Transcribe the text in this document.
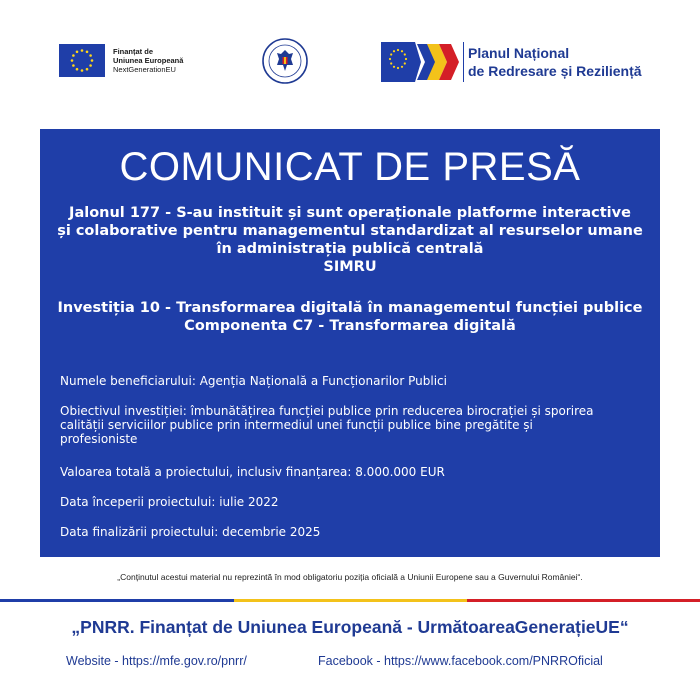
Finanțat de
Uniunea Europeană
NextGenerationEU
Planul Național
de Redresare și Reziliență
COMUNICAT DE PRESĂ
Jalonul 177 - S-au instituit și sunt operaționale platforme interactive
și colaborative pentru managementul standardizat al resurselor umane
în administrația publică centrală
SIMRU
Investiția 10 - Transformarea digitală în managementul funcției publice
Componenta C7 - Transformarea digitală

Numele beneficiarului: Agenția Națională a Funcționarilor Publici

Obiectivul investiției: îmbunătățirea funcției publice prin reducerea birocrației și sporirea
calității serviciilor publice prin intermediul unei funcții publice bine pregătite și
profesioniste

Valoarea totală a proiectului, inclusiv finanțarea: 8.000.000 EUR

Data începerii proiectului: iulie 2022

Data finalizării proiectului: decembrie 2025

„Conținutul acestui material nu reprezintă în mod obligatoriu poziția oficială a Uniunii Europene sau a Guvernului României“.
„PNRR. Finanțat de Uniunea Europeană - UrmătoareaGenerațieUE“
Website - https://mfe.gov.ro/pnrr/	Facebook - https://www.facebook.com/PNRROficial
